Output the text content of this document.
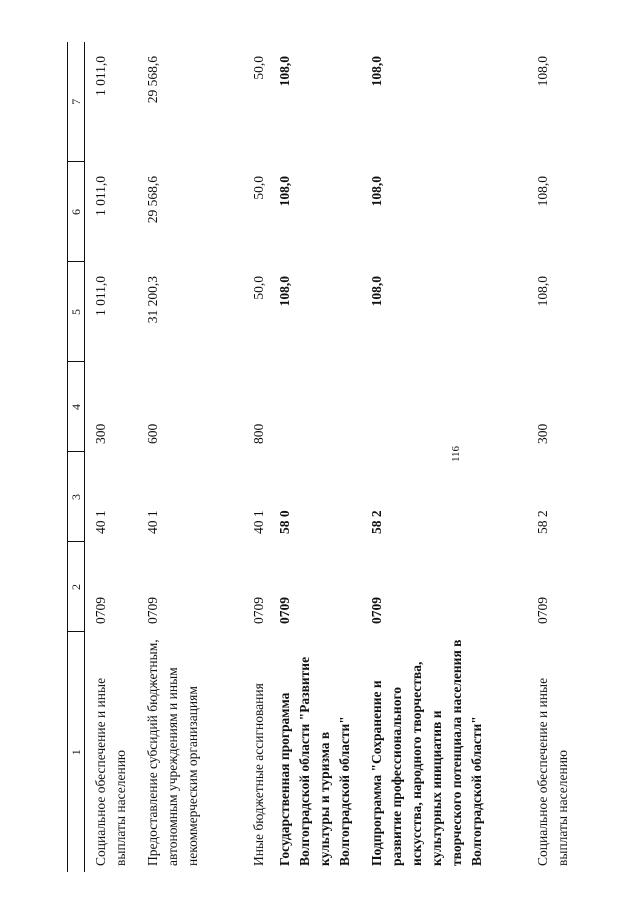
116
1	2	3	4	5	6	7
Социальное обеспечение и иные выплаты населению	0709	40 1	300	1 011,0	1 011,0	1 011,0
Предоставление субсидий бюджетным, автономным учреждениям и иным некоммерческим организациям	0709	40 1	600	31 200,3	29 568,6	29 568,6
Иные бюджетные ассигнования	0709	40 1	800	50,0	50,0	50,0
Государственная программа Волгоградской области "Развитие культуры и туризма в Волгоградской области"	0709	58 0		108,0	108,0	108,0
Подпрограмма "Сохранение и развитие профессионального искусства, народного творчества, культурных инициатив и творческого потенциала населения в Волгоградской области"	0709	58 2		108,0	108,0	108,0
Социальное обеспечение и иные выплаты населению	0709	58 2	300	108,0	108,0	108,0
